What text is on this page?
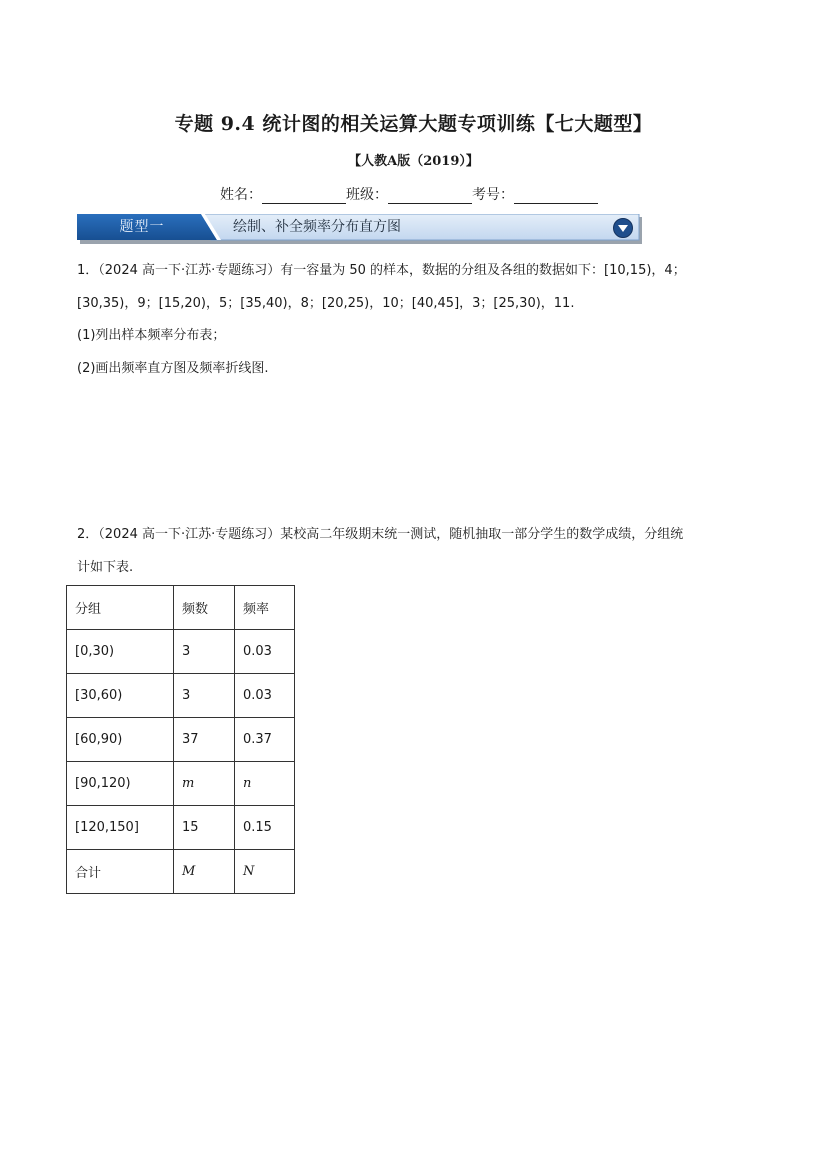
专题 9.4 统计图的相关运算大题专项训练【七大题型】
【人教A版（2019）】
姓名：	班级：	考号：
题型一	绘制、补全频率分布直方图
1．（2024 高一下·江苏·专题练习）有一容量为 50 的样本，数据的分组及各组的数据如下：[10,15)，4；
[30,35)，9；[15,20)，5；[35,40)，8；[20,25)，10；[40,45]，3；[25,30)，11.
(1)列出样本频率分布表；
(2)画出频率直方图及频率折线图.
2．（2024 高一下·江苏·专题练习）某校高二年级期末统一测试，随机抽取一部分学生的数学成绩，分组统
计如下表.
分组	频数	频率
[0,30)	3	0.03
[30,60)	3	0.03
[60,90)	37	0.37
[90,120)	m	n
[120,150]	15	0.15
合计	M	N
